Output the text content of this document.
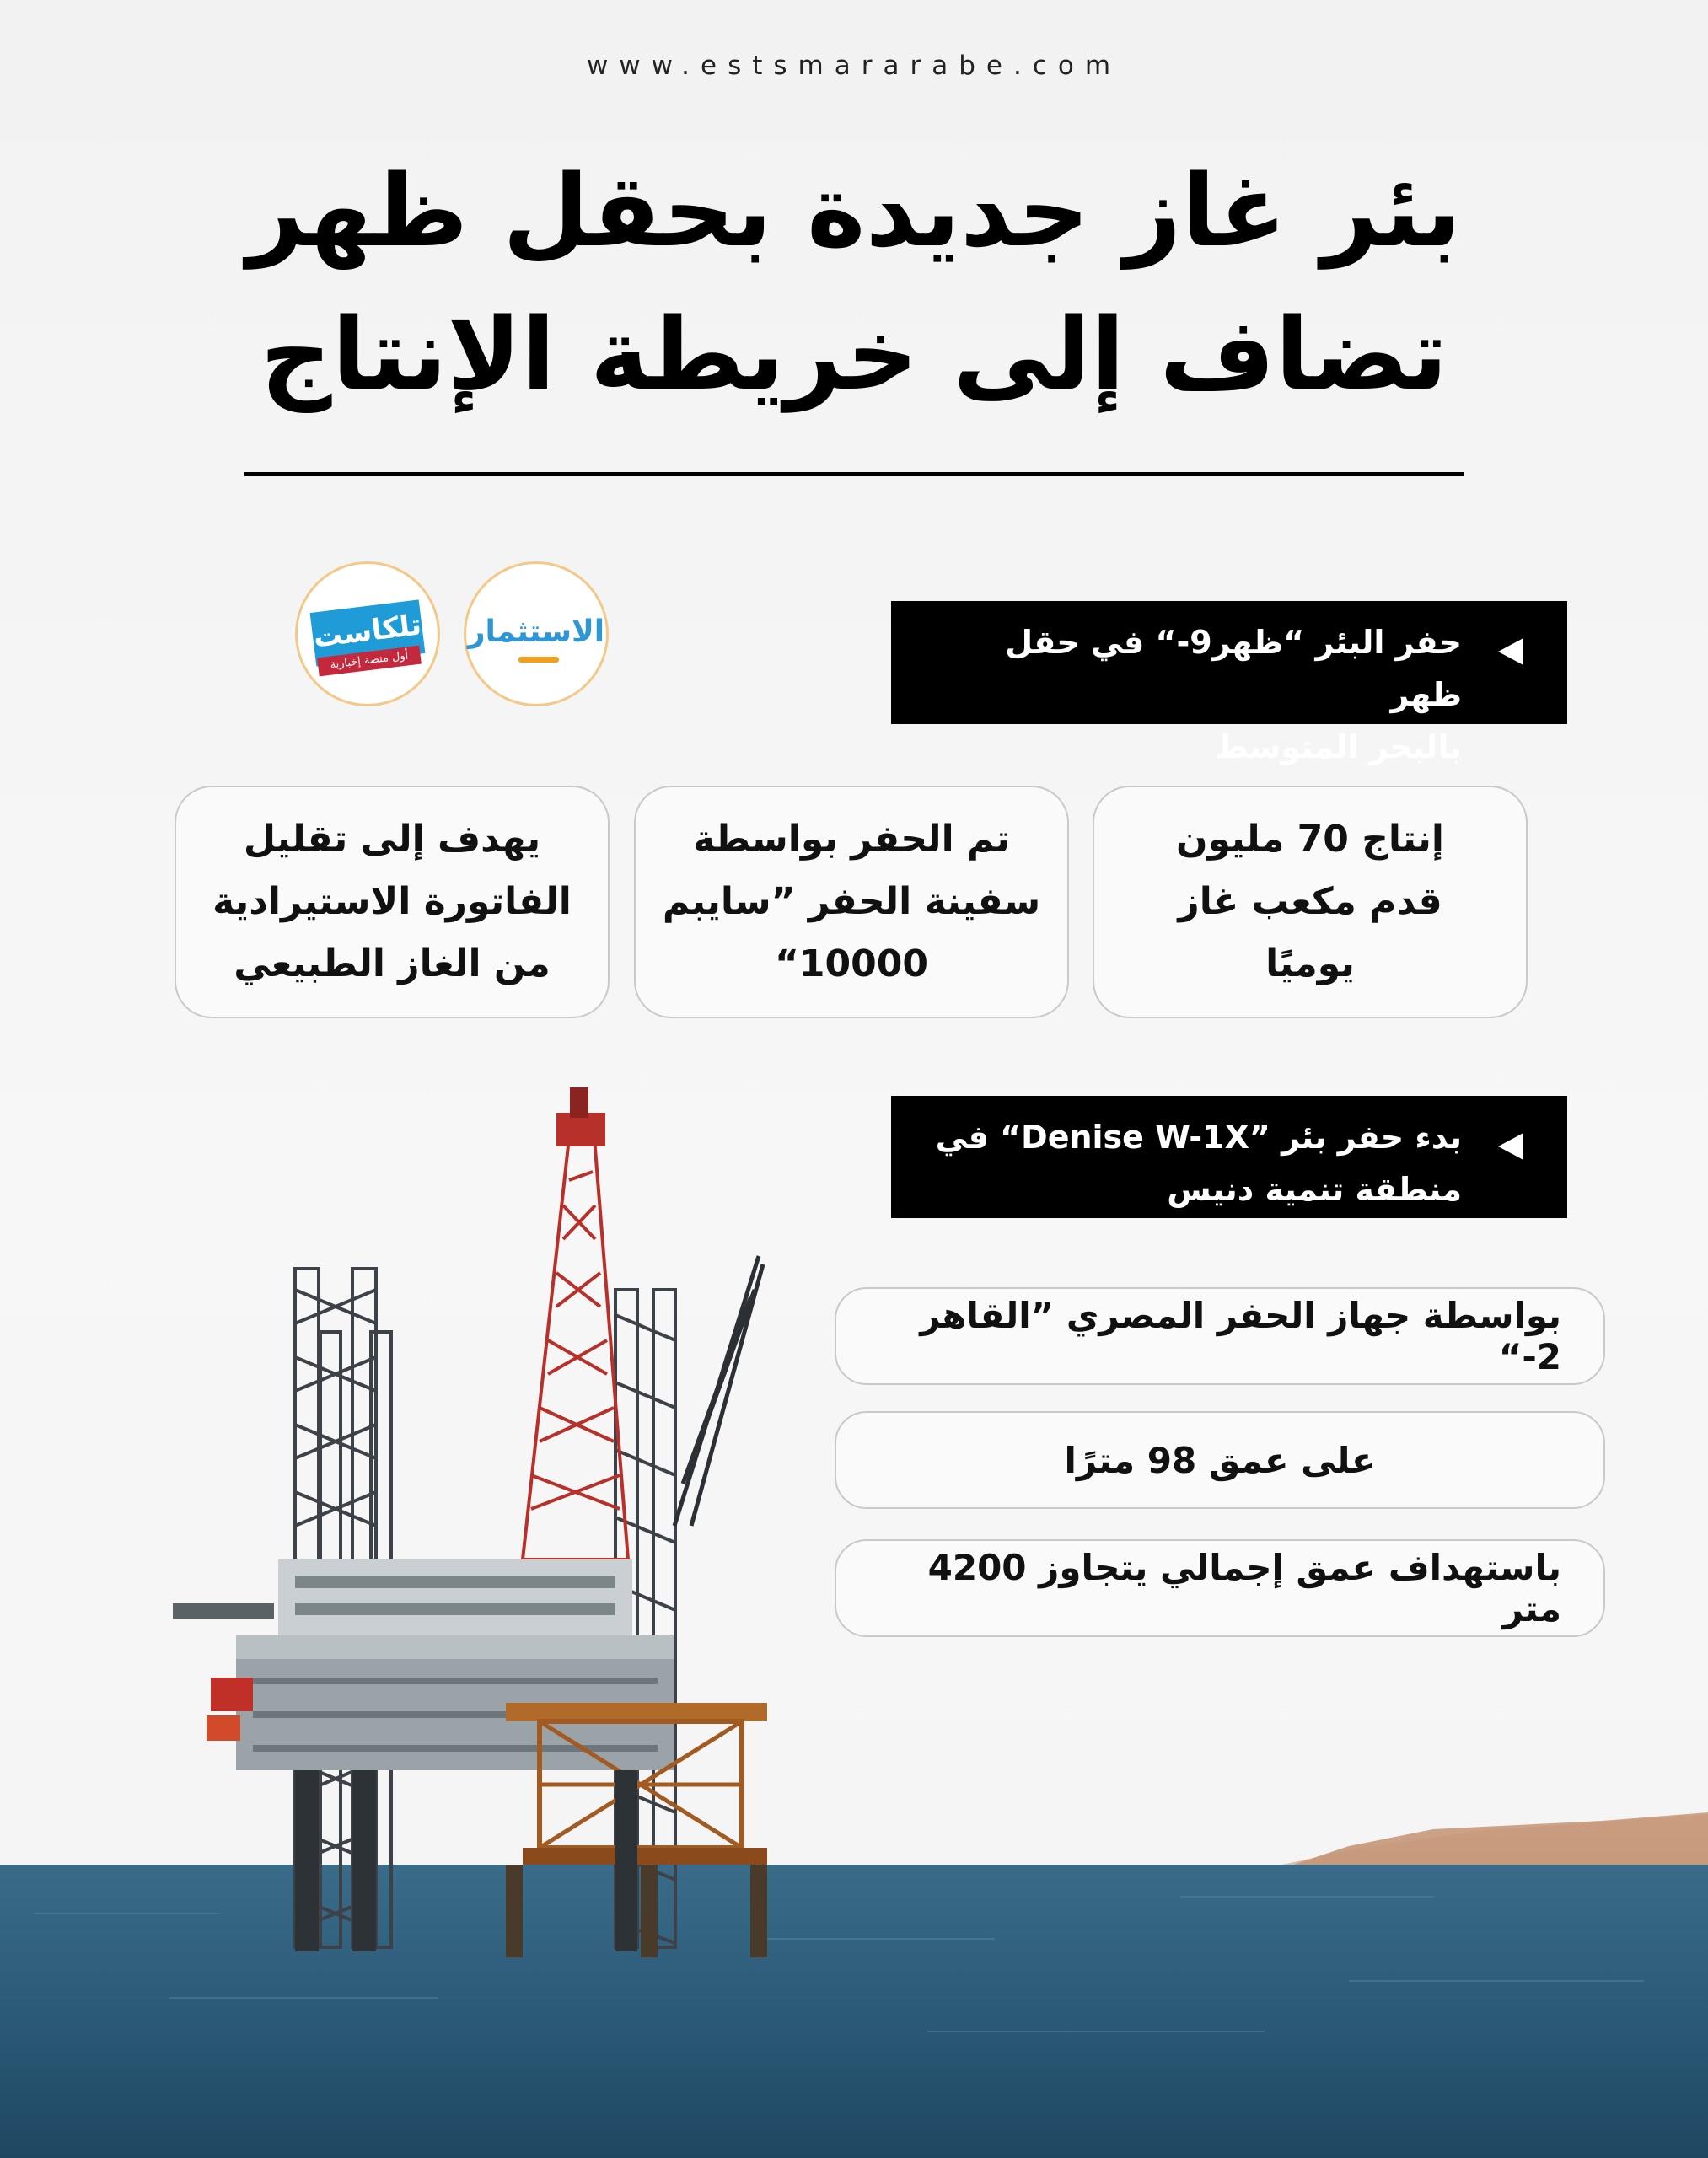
www.estsmararabe.com
بئر غاز جديدة بحقل ظهر
تضاف إلى خريطة الإنتاج
الاستثمار
تلكاست
أول منصة إخبارية صوتية
حفر البئر “ظهر9-“ في حقل ظهر
بالبحر المتوسط
إنتاج 70 مليون
قدم مكعب غاز
يوميًا
تم الحفر بواسطة
سفينة الحفر ”سايبم
10000“
يهدف إلى تقليل
الفاتورة الاستيرادية
من الغاز الطبيعي
بدء حفر بئر ”Denise W-1X“ في
منطقة تنمية دنيس
بواسطة جهاز الحفر المصري ”القاهر 2-“
على عمق 98 مترًا
باستهداف عمق إجمالي يتجاوز 4200 متر
